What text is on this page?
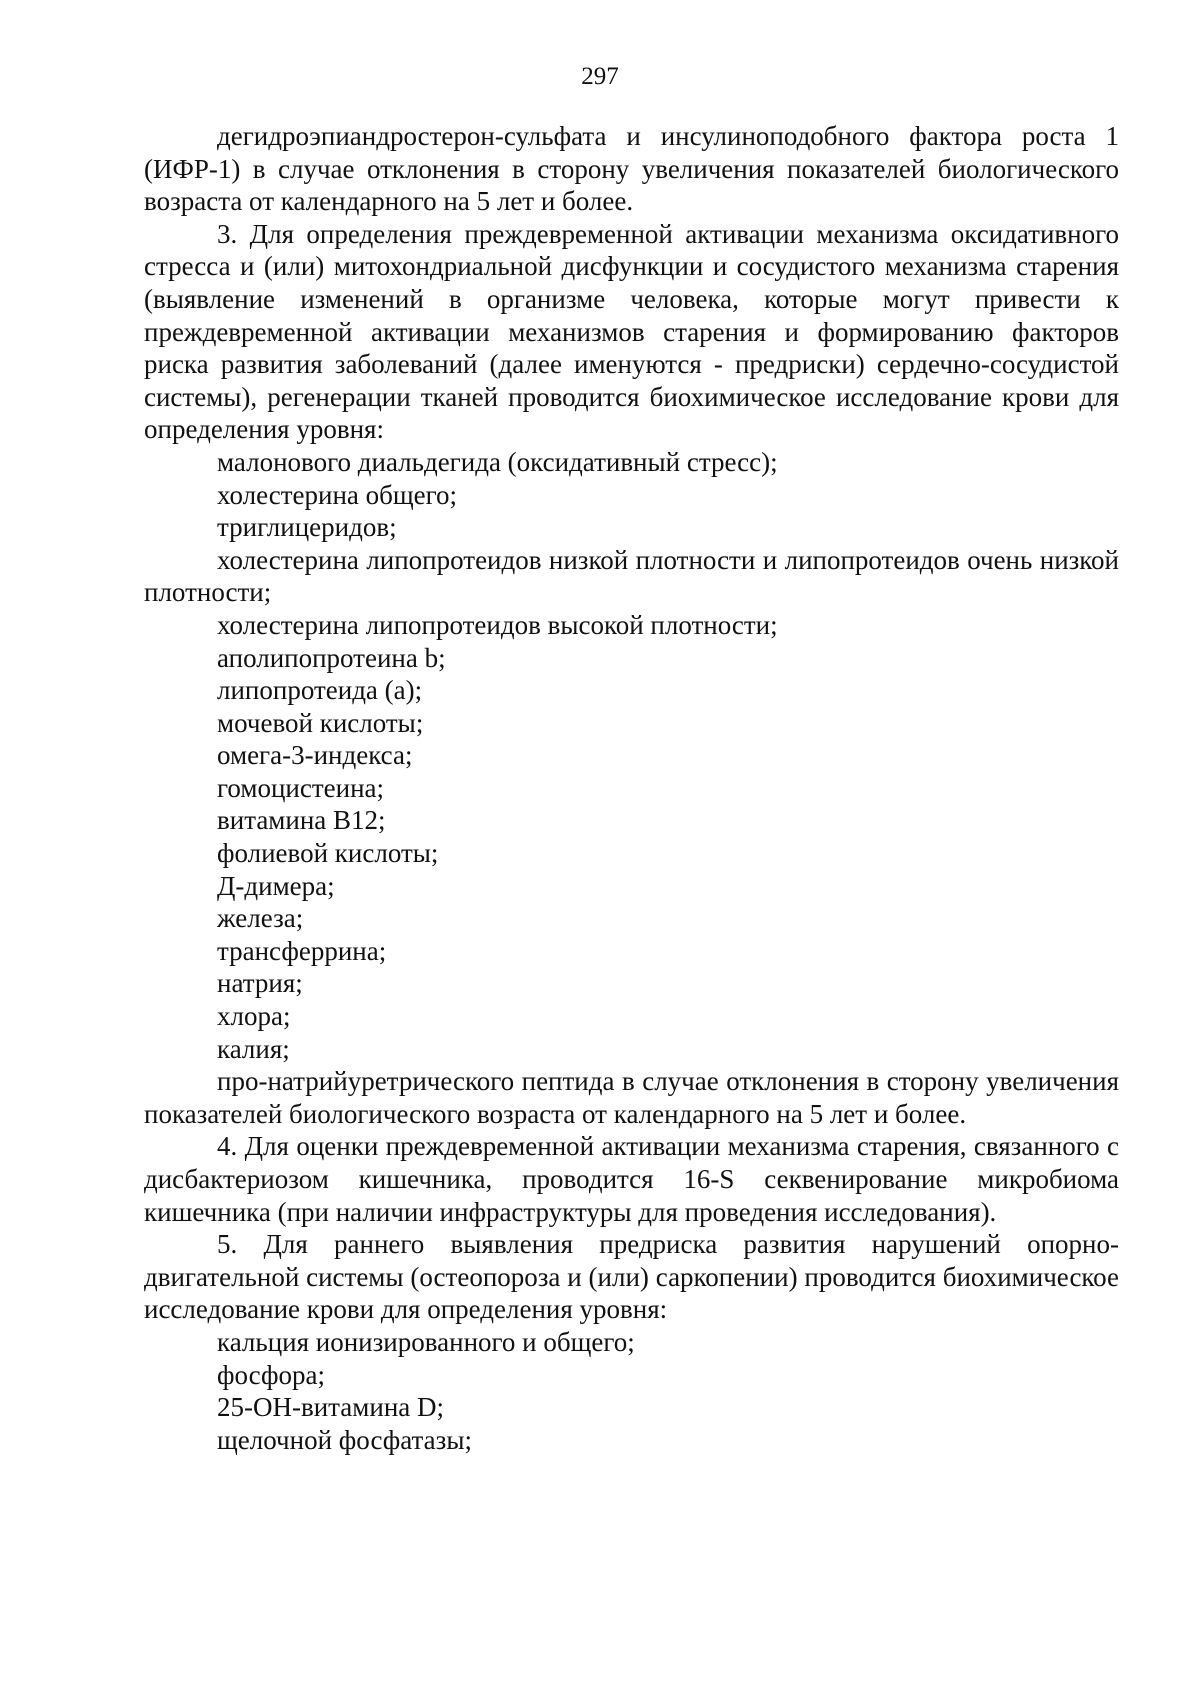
297

дегидроэпиандростерон-сульфата и инсулиноподобного фактора роста 1 (ИФР-1) в случае отклонения в сторону увеличения показателей биологического возраста от календарного на 5 лет и более.

3. Для определения преждевременной активации механизма оксидативного стресса и (или) митохондриальной дисфункции и сосудистого механизма старения (выявление изменений в организме человека, которые могут привести к преждевременной активации механизмов старения и формированию факторов риска развития заболеваний (далее именуются - предриски) сердечно-сосудистой системы), регенерации тканей проводится биохимическое исследование крови для определения уровня:

малонового диальдегида (оксидативный стресс);

холестерина общего;

триглицеридов;

холестерина липопротеидов низкой плотности и липопротеидов очень низкой плотности;

холестерина липопротеидов высокой плотности;

аполипопротеина b;

липопротеида (a);

мочевой кислоты;

омега-3-индекса;

гомоцистеина;

витамина B12;

фолиевой кислоты;

Д-димера;

железа;

трансферрина;

натрия;

хлора;

калия;

про-натрийуретрического пептида в случае отклонения в сторону увеличения показателей биологического возраста от календарного на 5 лет и более.

4. Для оценки преждевременной активации механизма старения, связанного с дисбактериозом кишечника, проводится 16-S секвенирование микробиома кишечника (при наличии инфраструктуры для проведения исследования).

5. Для раннего выявления предриска развития нарушений опорно-двигательной системы (остеопороза и (или) саркопении) проводится биохимическое исследование крови для определения уровня:

кальция ионизированного и общего;

фосфора;

25-OH-витамина D;

щелочной фосфатазы;
